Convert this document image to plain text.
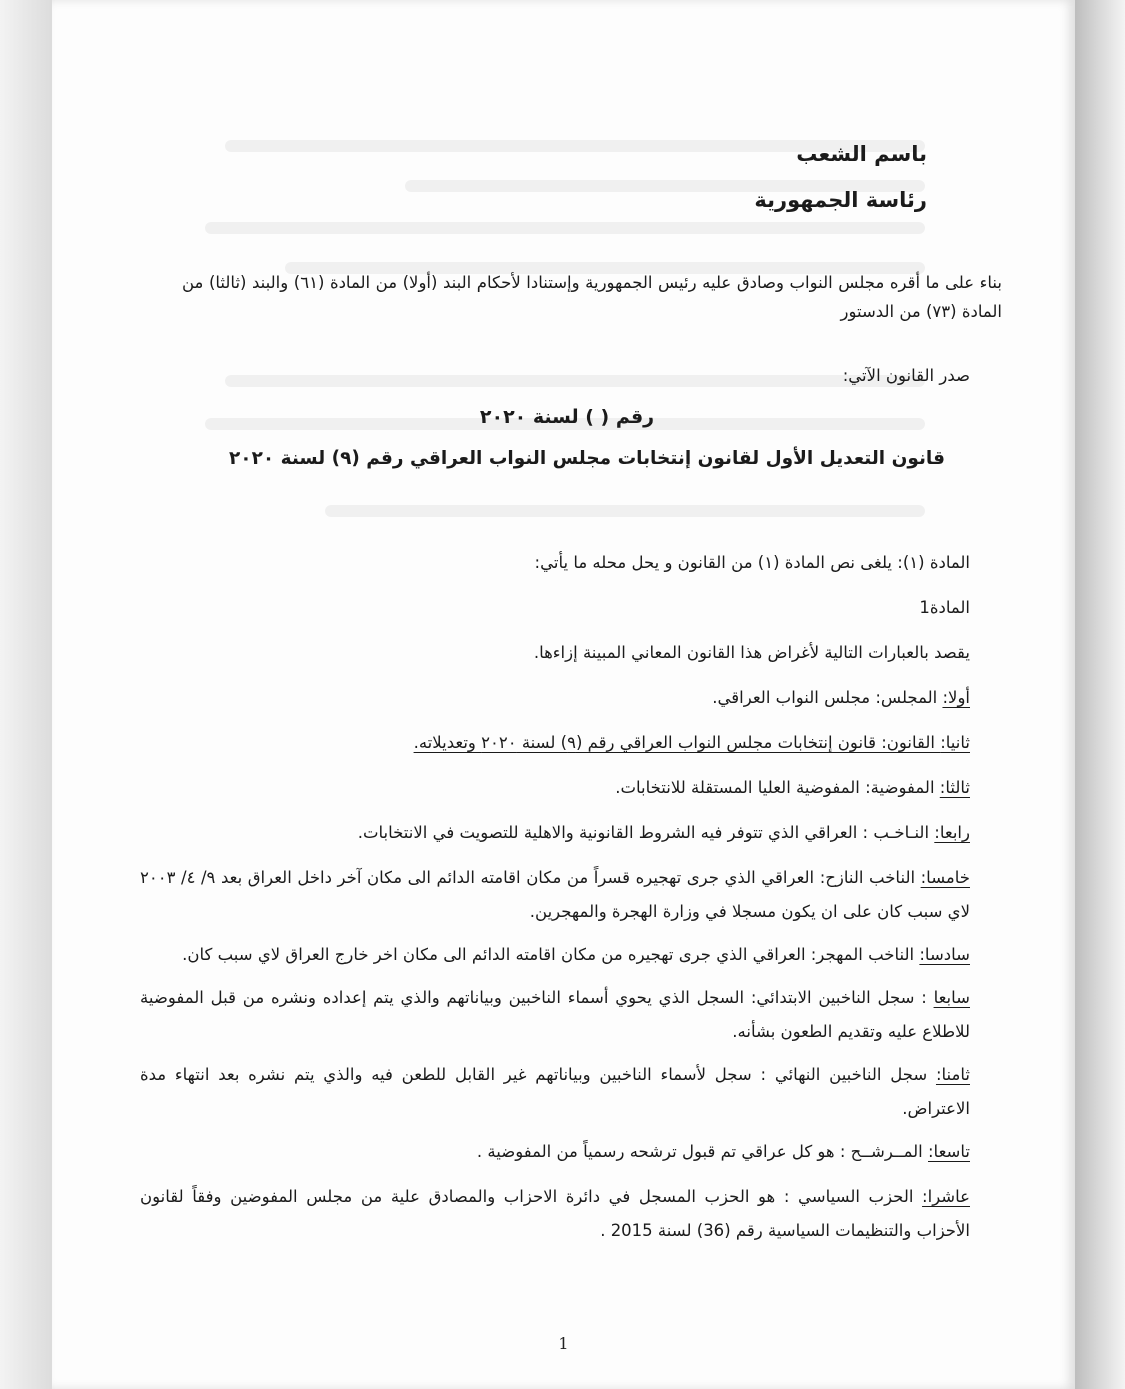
باسم الشعب
رئاسة الجمهورية
بناء على ما أقره مجلس النواب وصادق عليه رئيس الجمهورية وإستنادا لأحكام البند (أولا) من المادة (٦١) والبند (ثالثا) من المادة (٧٣) من الدستور
صدر القانون الآتي:
رقم ( ) لسنة ٢٠٢٠
قانون التعديل الأول لقانون إنتخابات مجلس النواب العراقي رقم (٩) لسنة ٢٠٢٠
المادة (١): يلغى نص المادة (١) من القانون و يحل محله ما يأتي:
المادة1
يقصد بالعبارات التالية لأغراض هذا القانون المعاني المبينة إزاءها.
أولا: المجلس: مجلس النواب العراقي.
ثانيا: القانون: قانون إنتخابات مجلس النواب العراقي رقم (٩) لسنة ٢٠٢٠ وتعديلاته.
ثالثا: المفوضية: المفوضية العليا المستقلة للانتخابات.
رابعا: النـاخـب : العراقي الذي تتوفر فيه الشروط القانونية والاهلية للتصويت في الانتخابات.
خامسا: الناخب النازح: العراقي الذي جرى تهجيره قسراً من مكان اقامته الدائم الى مكان آخر داخل العراق بعد ٩/ ٤/ ٢٠٠٣ لاي سبب كان على ان يكون مسجلا في وزارة الهجرة والمهجرين.
سادسا: الناخب المهجر: العراقي الذي جرى تهجيره من مكان اقامته الدائم الى مكان اخر خارج العراق لاي سبب كان.
سابعا : سجل الناخبين الابتدائي: السجل الذي يحوي أسماء الناخبين وبياناتهم والذي يتم إعداده ونشره من قبل المفوضية للاطلاع عليه وتقديم الطعون بشأنه.
ثامنا: سجل الناخبين النهائي : سجل لأسماء الناخبين وبياناتهم غير القابل للطعن فيه والذي يتم نشره بعد انتهاء مدة الاعتراض.
تاسعا: المــرشــح : هو كل عراقي تم قبول ترشحه رسمياً من المفوضية .
عاشرا: الحزب السياسي : هو الحزب المسجل في دائرة الاحزاب والمصادق علية من مجلس المفوضين وفقاً لقانون الأحزاب والتنظيمات السياسية رقم (36) لسنة 2015 .
1
